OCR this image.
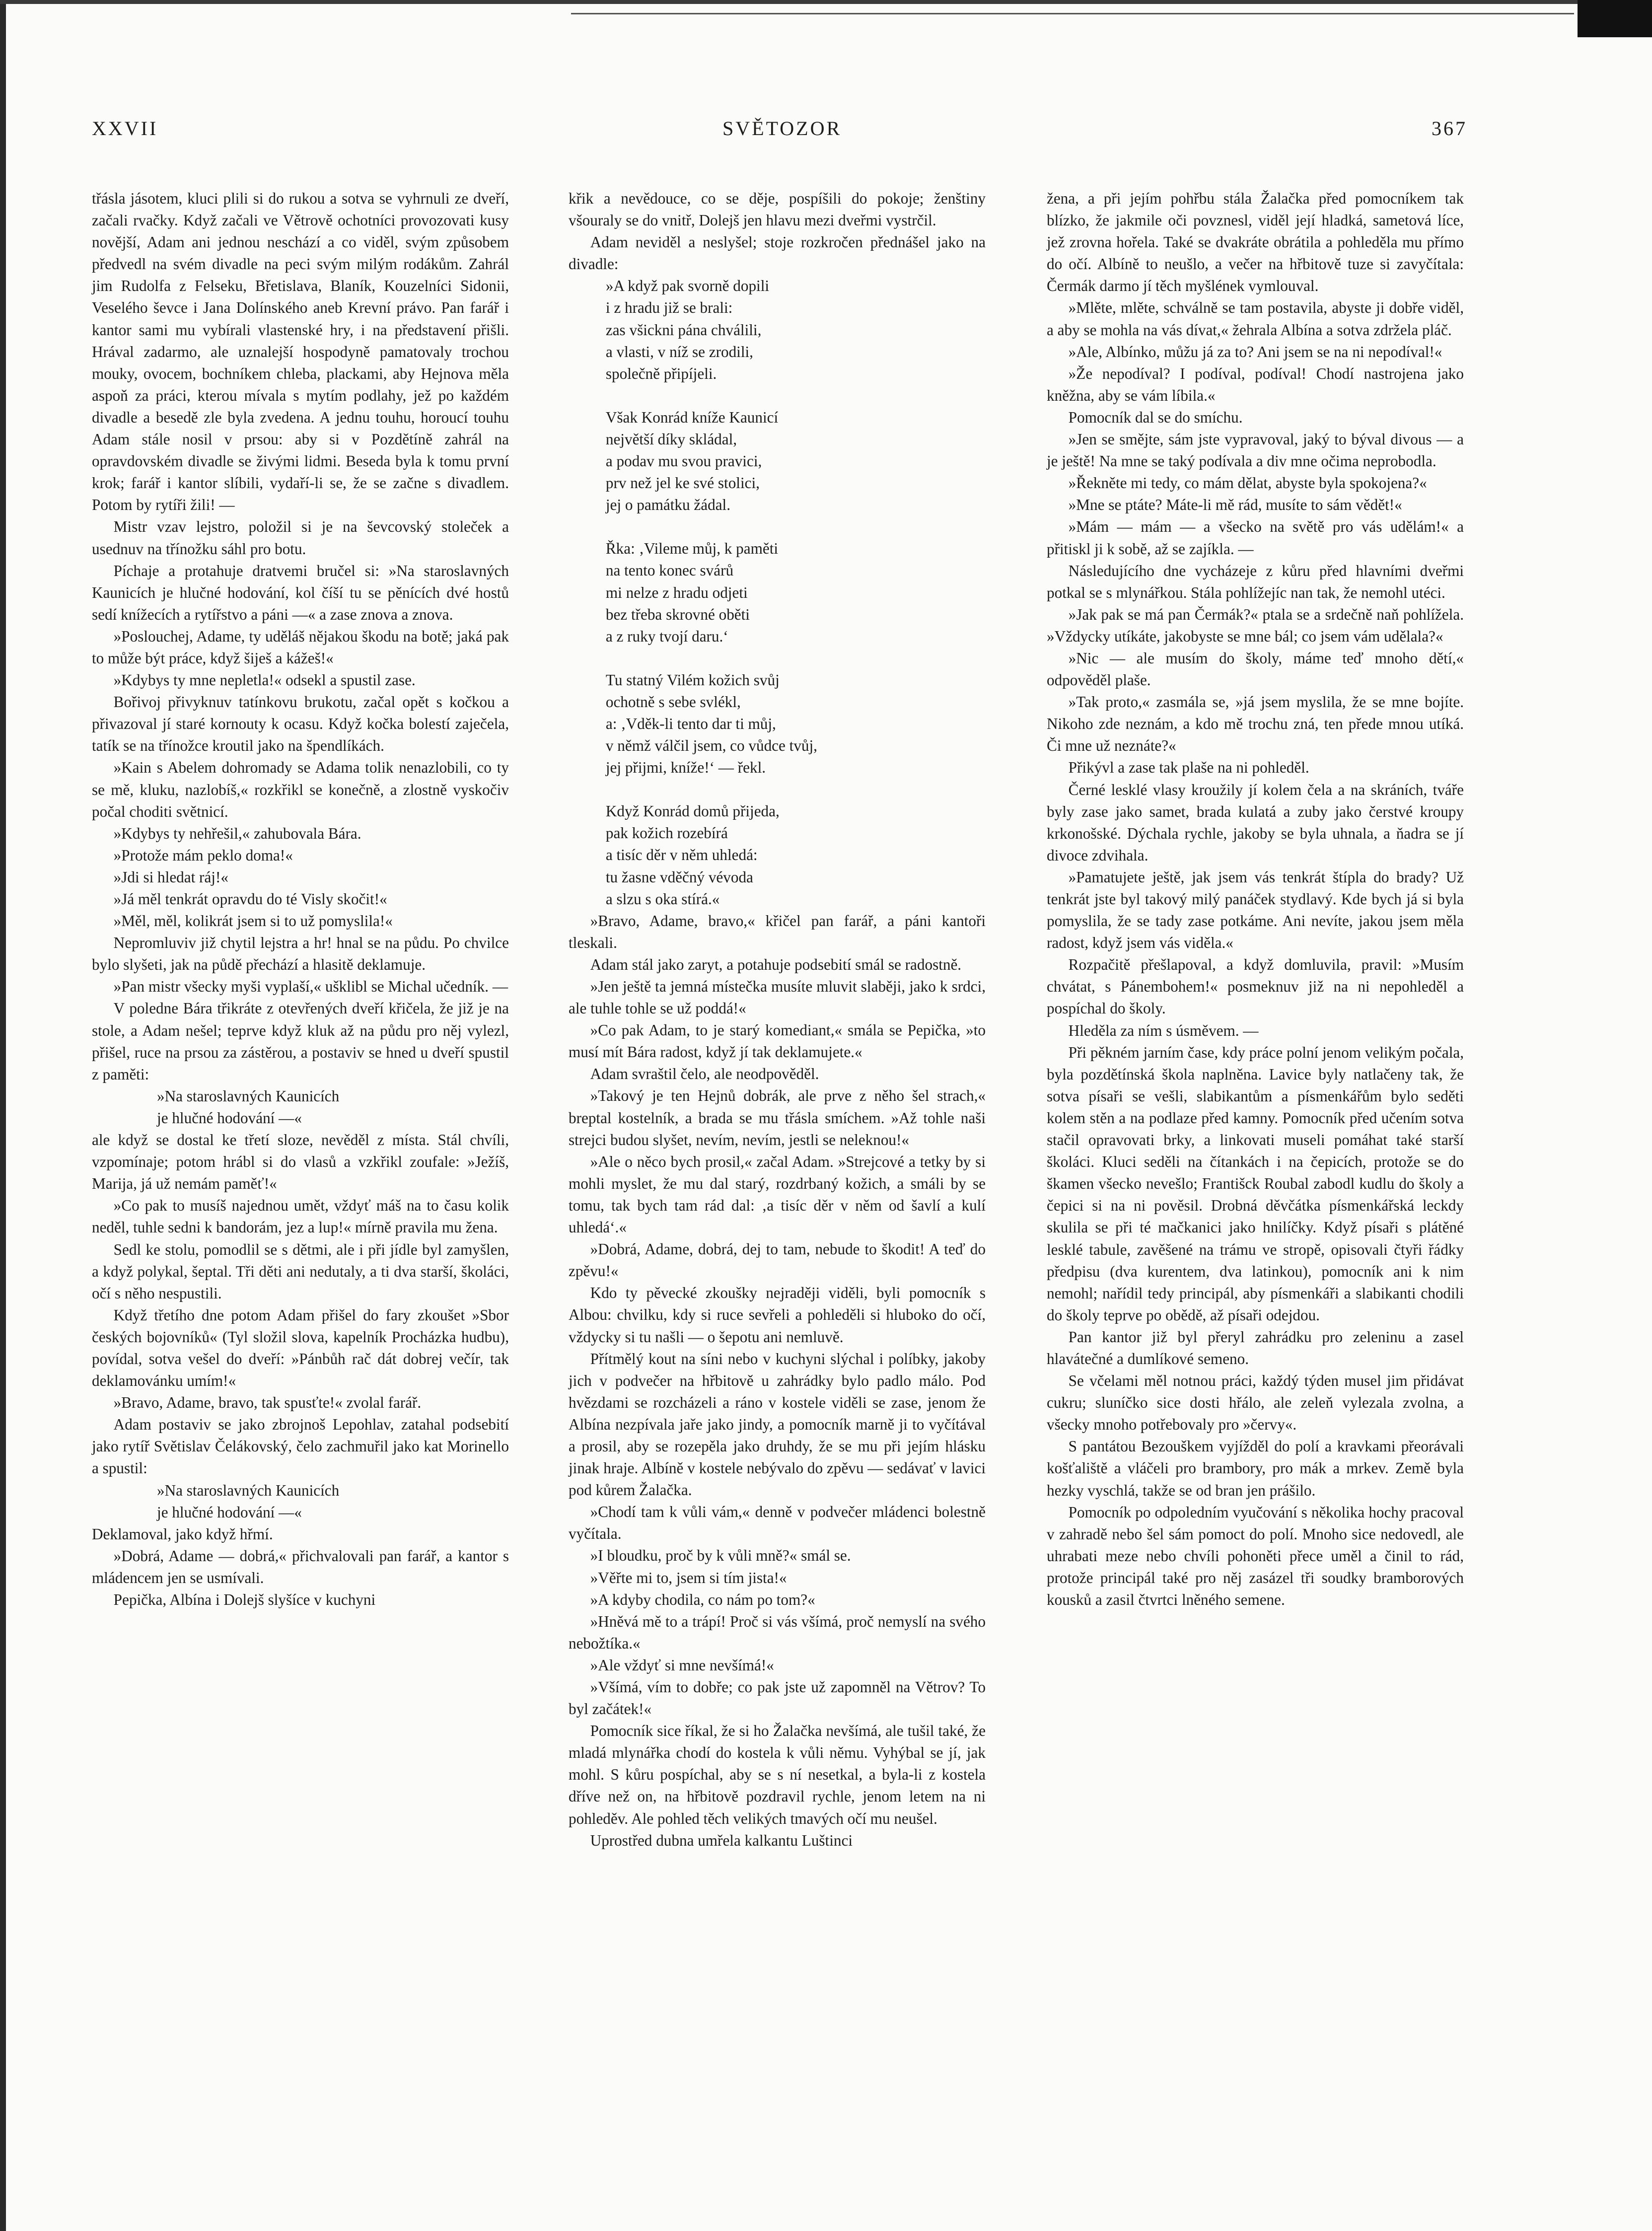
XXVII	SVĚTOZOR	367

třásla jásotem, kluci plili si do rukou a sotva se vyhrnuli ze dveří, začali rvačky. Když začali ve Větrově ochotníci provozovati kusy novější, Adam ani jednou neschází a co viděl, svým způsobem předvedl na svém divadle na peci svým milým rodákům. Zahrál jim Rudolfa z Felseku, Břetislava, Blaník, Kouzelníci Sidonii, Veselého ševce i Jana Dolínského aneb Krevní právo. Pan farář i kantor sami mu vybírali vlastenské hry, i na představení přišli. Hrával zadarmo, ale uznalejší hospodyně pamatovaly trochou mouky, ovocem, bochníkem chleba, plackami, aby Hejnova měla aspoň za práci, kterou mívala s mytím podlahy, jež po každém divadle a besedě zle byla zvedena. A jednu touhu, horoucí touhu Adam stále nosil v prsou: aby si v Pozdětíně zahrál na opravdovském divadle se živými lidmi. Beseda byla k tomu první krok; farář i kantor slíbili, vydaří-li se, že se začne s divadlem. Potom by rytíři žili! —

Mistr vzav lejstro, položil si je na ševcovský stoleček a usednuv na třínožku sáhl pro botu.

Píchaje a protahuje dratvemi bručel si: »Na staroslavných Kaunicích je hlučné hodování, kol číší tu se pěnících dvé hostů sedí knížecích a rytířstvo a páni —« a zase znova a znova.

»Poslouchej, Adame, ty uděláš nějakou škodu na botě; jaká pak to může být práce, když šiješ a kážeš!«

»Kdybys ty mne nepletla!« odsekl a spustil zase.

Bořivoj přivyknuv tatínkovu brukotu, začal opět s kočkou a přivazoval jí staré kornouty k ocasu. Když kočka bolestí zaječela, tatík se na třínožce kroutil jako na špendlíkách.

»Kain s Abelem dohromady se Adama tolik nenazlobili, co ty se mě, kluku, nazlobíš,« rozkřikl se konečně, a zlostně vyskočiv počal choditi světnicí.

»Kdybys ty nehřešil,« zahubovala Bára.

»Protože mám peklo doma!«

»Jdi si hledat ráj!«

»Já měl tenkrát opravdu do té Visly skočit!«

»Měl, měl, kolikrát jsem si to už pomyslila!«

Nepromluviv již chytil lejstra a hr! hnal se na půdu. Po chvilce bylo slyšeti, jak na půdě přechází a hlasitě deklamuje.

»Pan mistr všecky myši vyplaší,« ušklibl se Michal učedník. —

V poledne Bára třikráte z otevřených dveří křičela, že již je na stole, a Adam nešel; teprve když kluk až na půdu pro něj vylezl, přišel, ruce na prsou za zástěrou, a postaviv se hned u dveří spustil z paměti:

»Na staroslavných Kaunicích

je hlučné hodování —«

ale když se dostal ke třetí sloze, nevěděl z místa. Stál chvíli, vzpomínaje; potom hrábl si do vlasů a vzkřikl zoufale: »Ježíš, Marija, já už nemám paměť!«

»Co pak to musíš najednou umět, vždyť máš na to času kolik neděl, tuhle sedni k bandorám, jez a lup!« mírně pravila mu žena.

Sedl ke stolu, pomodlil se s dětmi, ale i při jídle byl zamyšlen, a když polykal, šeptal. Tři děti ani nedutaly, a ti dva starší, školáci, očí s něho nespustili.

Když třetího dne potom Adam přišel do fary zkoušet »Sbor českých bojovníků« (Tyl složil slova, kapelník Procházka hudbu), povídal, sotva vešel do dveří: »Pánbůh rač dát dobrej večír, tak deklamovánku umím!«

»Bravo, Adame, bravo, tak spusťte!« zvolal farář.

Adam postaviv se jako zbrojnoš Lepohlav, zatahal podsebití jako rytíř Světislav Čelákovský, čelo zachmuřil jako kat Morinello a spustil:

»Na staroslavných Kaunicích

je hlučné hodování —«

Deklamoval, jako když hřmí.

»Dobrá, Adame — dobrá,« přichvalovali pan farář, a kantor s mládencem jen se usmívali.

Pepička, Albína i Dolejš slyšíce v kuchyni

křik a nevědouce, co se děje, pospíšili do pokoje; ženštiny všouraly se do vnitř, Dolejš jen hlavu mezi dveřmi vystrčil.

Adam neviděl a neslyšel; stoje rozkročen přednášel jako na divadle:

»A když pak svorně dopili

i z hradu již se brali:

zas všickni pána chválili,

a vlasti, v níž se zrodili,

společně připíjeli.

Však Konrád kníže Kaunicí

největší díky skládal,

a podav mu svou pravici,

prv než jel ke své stolici,

jej o památku žádal.

Řka: ‚Vileme můj, k paměti

na tento konec svárů

mi nelze z hradu odjeti

bez třeba skrovné oběti

a z ruky tvojí daru.‘

Tu statný Vilém kožich svůj

ochotně s sebe svlékl,

a: ‚Vděk-li tento dar ti můj,

v němž válčil jsem, co vůdce tvůj,

jej přijmi, kníže!‘ — řekl.

Když Konrád domů přijeda,

pak kožich rozebírá

a tisíc děr v něm uhledá:

tu žasne vděčný vévoda

a slzu s oka stírá.«

»Bravo, Adame, bravo,« křičel pan farář, a páni kantoři tleskali.

Adam stál jako zaryt, a potahuje podsebití smál se radostně.

»Jen ještě ta jemná místečka musíte mluvit slaběji, jako k srdci, ale tuhle tohle se už poddá!«

»Co pak Adam, to je starý komediant,« smála se Pepička, »to musí mít Bára radost, když jí tak deklamujete.«

Adam svraštil čelo, ale neodpověděl.

»Takový je ten Hejnů dobrák, ale prve z něho šel strach,« breptal kostelník, a brada se mu třásla smíchem. »Až tohle naši strejci budou slyšet, nevím, nevím, jestli se neleknou!«

»Ale o něco bych prosil,« začal Adam. »Strejcové a tetky by si mohli myslet, že mu dal starý, rozdrbaný kožich, a smáli by se tomu, tak bych tam rád dal: ‚a tisíc děr v něm od šavlí a kulí uhledá‘.«

»Dobrá, Adame, dobrá, dej to tam, nebude to škodit! A teď do zpěvu!«

Kdo ty pěvecké zkoušky nejraději viděli, byli pomocník s Albou: chvilku, kdy si ruce sevřeli a pohleděli si hluboko do očí, vždycky si tu našli — o šepotu ani nemluvě.

Přítmělý kout na síni nebo v kuchyni slýchal i políbky, jakoby jich v podvečer na hřbitově u zahrádky bylo padlo málo. Pod hvězdami se rozcházeli a ráno v kostele viděli se zase, jenom že Albína nezpívala jaře jako jindy, a pomocník marně ji to vyčítával a prosil, aby se rozepěla jako druhdy, že se mu při jejím hlásku jinak hraje. Albíně v kostele nebývalo do zpěvu — sedávať v lavici pod kůrem Žalačka.

»Chodí tam k vůli vám,« denně v podvečer mládenci bolestně vyčítala.

»I bloudku, proč by k vůli mně?« smál se.

»Věřte mi to, jsem si tím jista!«

»A kdyby chodila, co nám po tom?«

»Hněvá mě to a trápí! Proč si vás všímá, proč nemyslí na svého nebožtíka.«

»Ale vždyť si mne nevšímá!«

»Všímá, vím to dobře; co pak jste už zapomněl na Větrov? To byl začátek!«

Pomocník sice říkal, že si ho Žalačka nevšímá, ale tušil také, že mladá mlynářka chodí do kostela k vůli němu. Vyhýbal se jí, jak mohl. S kůru pospíchal, aby se s ní nesetkal, a byla-li z kostela dříve než on, na hřbitově pozdravil rychle, jenom letem na ni pohleděv. Ale pohled těch velikých tmavých očí mu neušel.

Uprostřed dubna umřela kalkantu Luštinci

žena, a při jejím pohřbu stála Žalačka před pomocníkem tak blízko, že jakmile oči povznesl, viděl její hladká, sametová líce, jež zrovna hořela. Také se dvakráte obrátila a pohleděla mu přímo do očí. Albíně to neušlo, a večer na hřbitově tuze si zavyčítala: Čermák darmo jí těch myšlének vymlouval.

»Mlěte, mlěte, schválně se tam postavila, abyste ji dobře viděl, a aby se mohla na vás dívat,« žehrala Albína a sotva zdržela pláč.

»Ale, Albínko, můžu já za to? Ani jsem se na ni nepodíval!«

»Že nepodíval? I podíval, podíval! Chodí nastrojena jako kněžna, aby se vám líbila.«

Pomocník dal se do smíchu.

»Jen se smějte, sám jste vypravoval, jaký to býval divous — a je ještě! Na mne se taký podívala a div mne očima neprobodla.

»Řekněte mi tedy, co mám dělat, abyste byla spokojena?«

»Mne se ptáte? Máte-li mě rád, musíte to sám vědět!«

»Mám — mám — a všecko na světě pro vás udělám!« a přitiskl ji k sobě, až se zajíkla. —

Následujícího dne vycházeje z kůru před hlavními dveřmi potkal se s mlynářkou. Stála pohlížejíc nan tak, že nemohl utéci.

»Jak pak se má pan Čermák?« ptala se a srdečně naň pohlížela. »Vždycky utíkáte, jakobyste se mne bál; co jsem vám udělala?«

»Nic — ale musím do školy, máme teď mnoho dětí,« odpověděl plaše.

»Tak proto,« zasmála se, »já jsem myslila, že se mne bojíte. Nikoho zde neznám, a kdo mě trochu zná, ten přede mnou utíká. Či mne už neznáte?«

Přikývl a zase tak plaše na ni pohleděl.

Černé lesklé vlasy kroužily jí kolem čela a na skráních, tváře byly zase jako samet, brada kulatá a zuby jako čerstvé kroupy krkonošské. Dýchala rychle, jakoby se byla uhnala, a ňadra se jí divoce zdvihala.

»Pamatujete ještě, jak jsem vás tenkrát štípla do brady? Už tenkrát jste byl takový milý panáček stydlavý. Kde bych já si byla pomyslila, že se tady zase potkáme. Ani nevíte, jakou jsem měla radost, když jsem vás viděla.«

Rozpačitě přešlapoval, a když domluvila, pravil: »Musím chvátat, s Pánembohem!« posmeknuv již na ni nepohleděl a pospíchal do školy.

Hleděla za ním s úsměvem. —

Při pěkném jarním čase, kdy práce polní jenom velikým počala, byla pozdětínská škola naplněna. Lavice byly natlačeny tak, že sotva písaři se vešli, slabikantům a písmenkářům bylo seděti kolem stěn a na podlaze před kamny. Pomocník před učením sotva stačil opravovati brky, a linkovati museli pomáhat také starší školáci. Kluci seděli na čítankách i na čepicích, protože se do škamen všecko nevešlo; Františck Roubal zabodl kudlu do školy a čepici si na ni pověsil. Drobná děvčátka písmenkářská leckdy skulila se při té mačkanici jako hnilíčky. Když písaři s plátěné lesklé tabule, zavěšené na trámu ve stropě, opisovali čtyři řádky předpisu (dva kurentem, dva latinkou), pomocník ani k nim nemohl; nařídil tedy principál, aby písmenkáři a slabikanti chodili do školy teprve po obědě, až písaři odejdou.

Pan kantor již byl přeryl zahrádku pro zeleninu a zasel hlavátečné a dumlíkové semeno.

Se včelami měl notnou práci, každý týden musel jim přidávat cukru; sluníčko sice dosti hřálo, ale zeleň vylezala zvolna, a všecky mnoho potřebovaly pro »červy«.

S pantátou Bezouškem vyjížděl do polí a kravkami přeorávali košťaliště a vláčeli pro brambory, pro mák a mrkev. Země byla hezky vyschlá, takže se od bran jen prášilo.

Pomocník po odpoledním vyučování s několika hochy pracoval v zahradě nebo šel sám pomoct do polí. Mnoho sice nedovedl, ale uhrabati meze nebo chvíli pohoněti přece uměl a činil to rád, protože principál také pro něj zasázel tři soudky bramborových kousků a zasil čtvrtci lněného semene.
